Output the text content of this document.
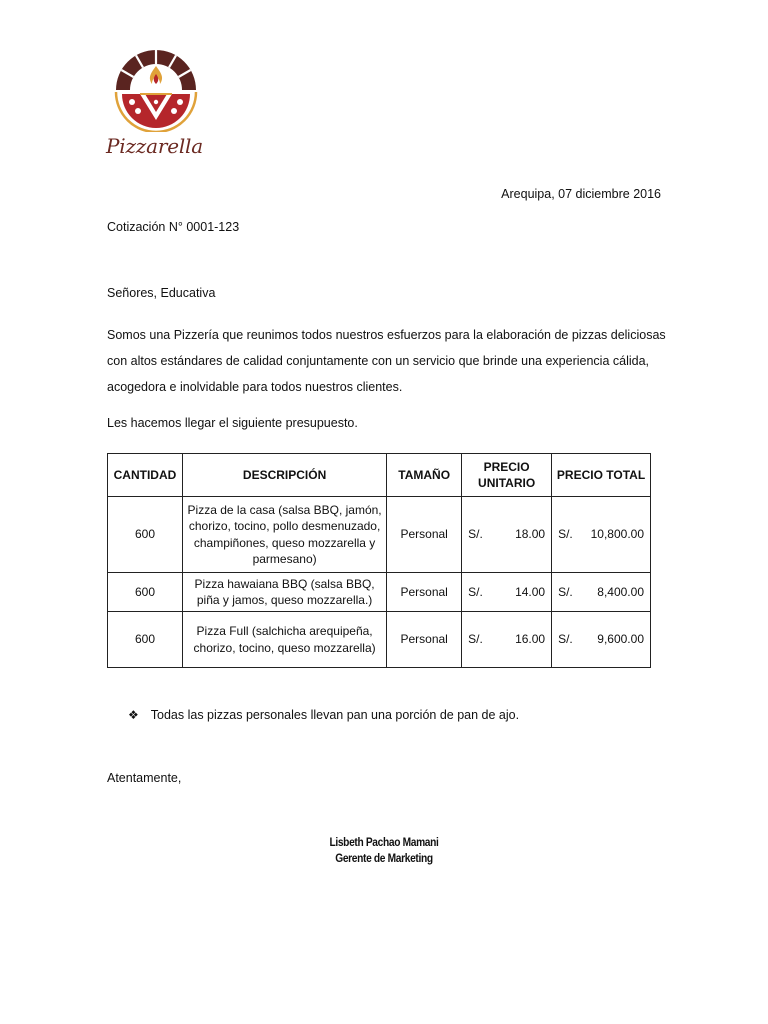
Pizzarella
Arequipa, 07 diciembre 2016
Cotización N° 0001-123
Señores, Educativa
Somos una Pizzería que reunimos todos nuestros esfuerzos para la elaboración de pizzas deliciosas con altos estándares de calidad conjuntamente con un servicio que brinde una experiencia cálida, acogedora e inolvidable para todos nuestros clientes.
Les hacemos llegar el siguiente presupuesto.
CANTIDAD	DESCRIPCIÓN	TAMAÑO	PRECIO UNITARIO	PRECIO TOTAL
600	Pizza de la casa (salsa BBQ, jamón, chorizo, tocino, pollo desmenuzado, champiñones, queso mozzarella y parmesano)	Personal	S/. 18.00	S/. 10,800.00

600	Pizza hawaiana BBQ (salsa BBQ, piña y jamos, queso mozzarella.)	Personal	S/. 14.00	S/. 8,400.00

600	Pizza Full (salchicha arequipeña, chorizo, tocino, queso mozzarella)	Personal	S/. 16.00	S/. 9,600.00
❖ Todas las pizzas personales llevan pan una porción de pan de ajo.
Atentamente,
Lisbeth Pachao Mamani
Gerente de Marketing
